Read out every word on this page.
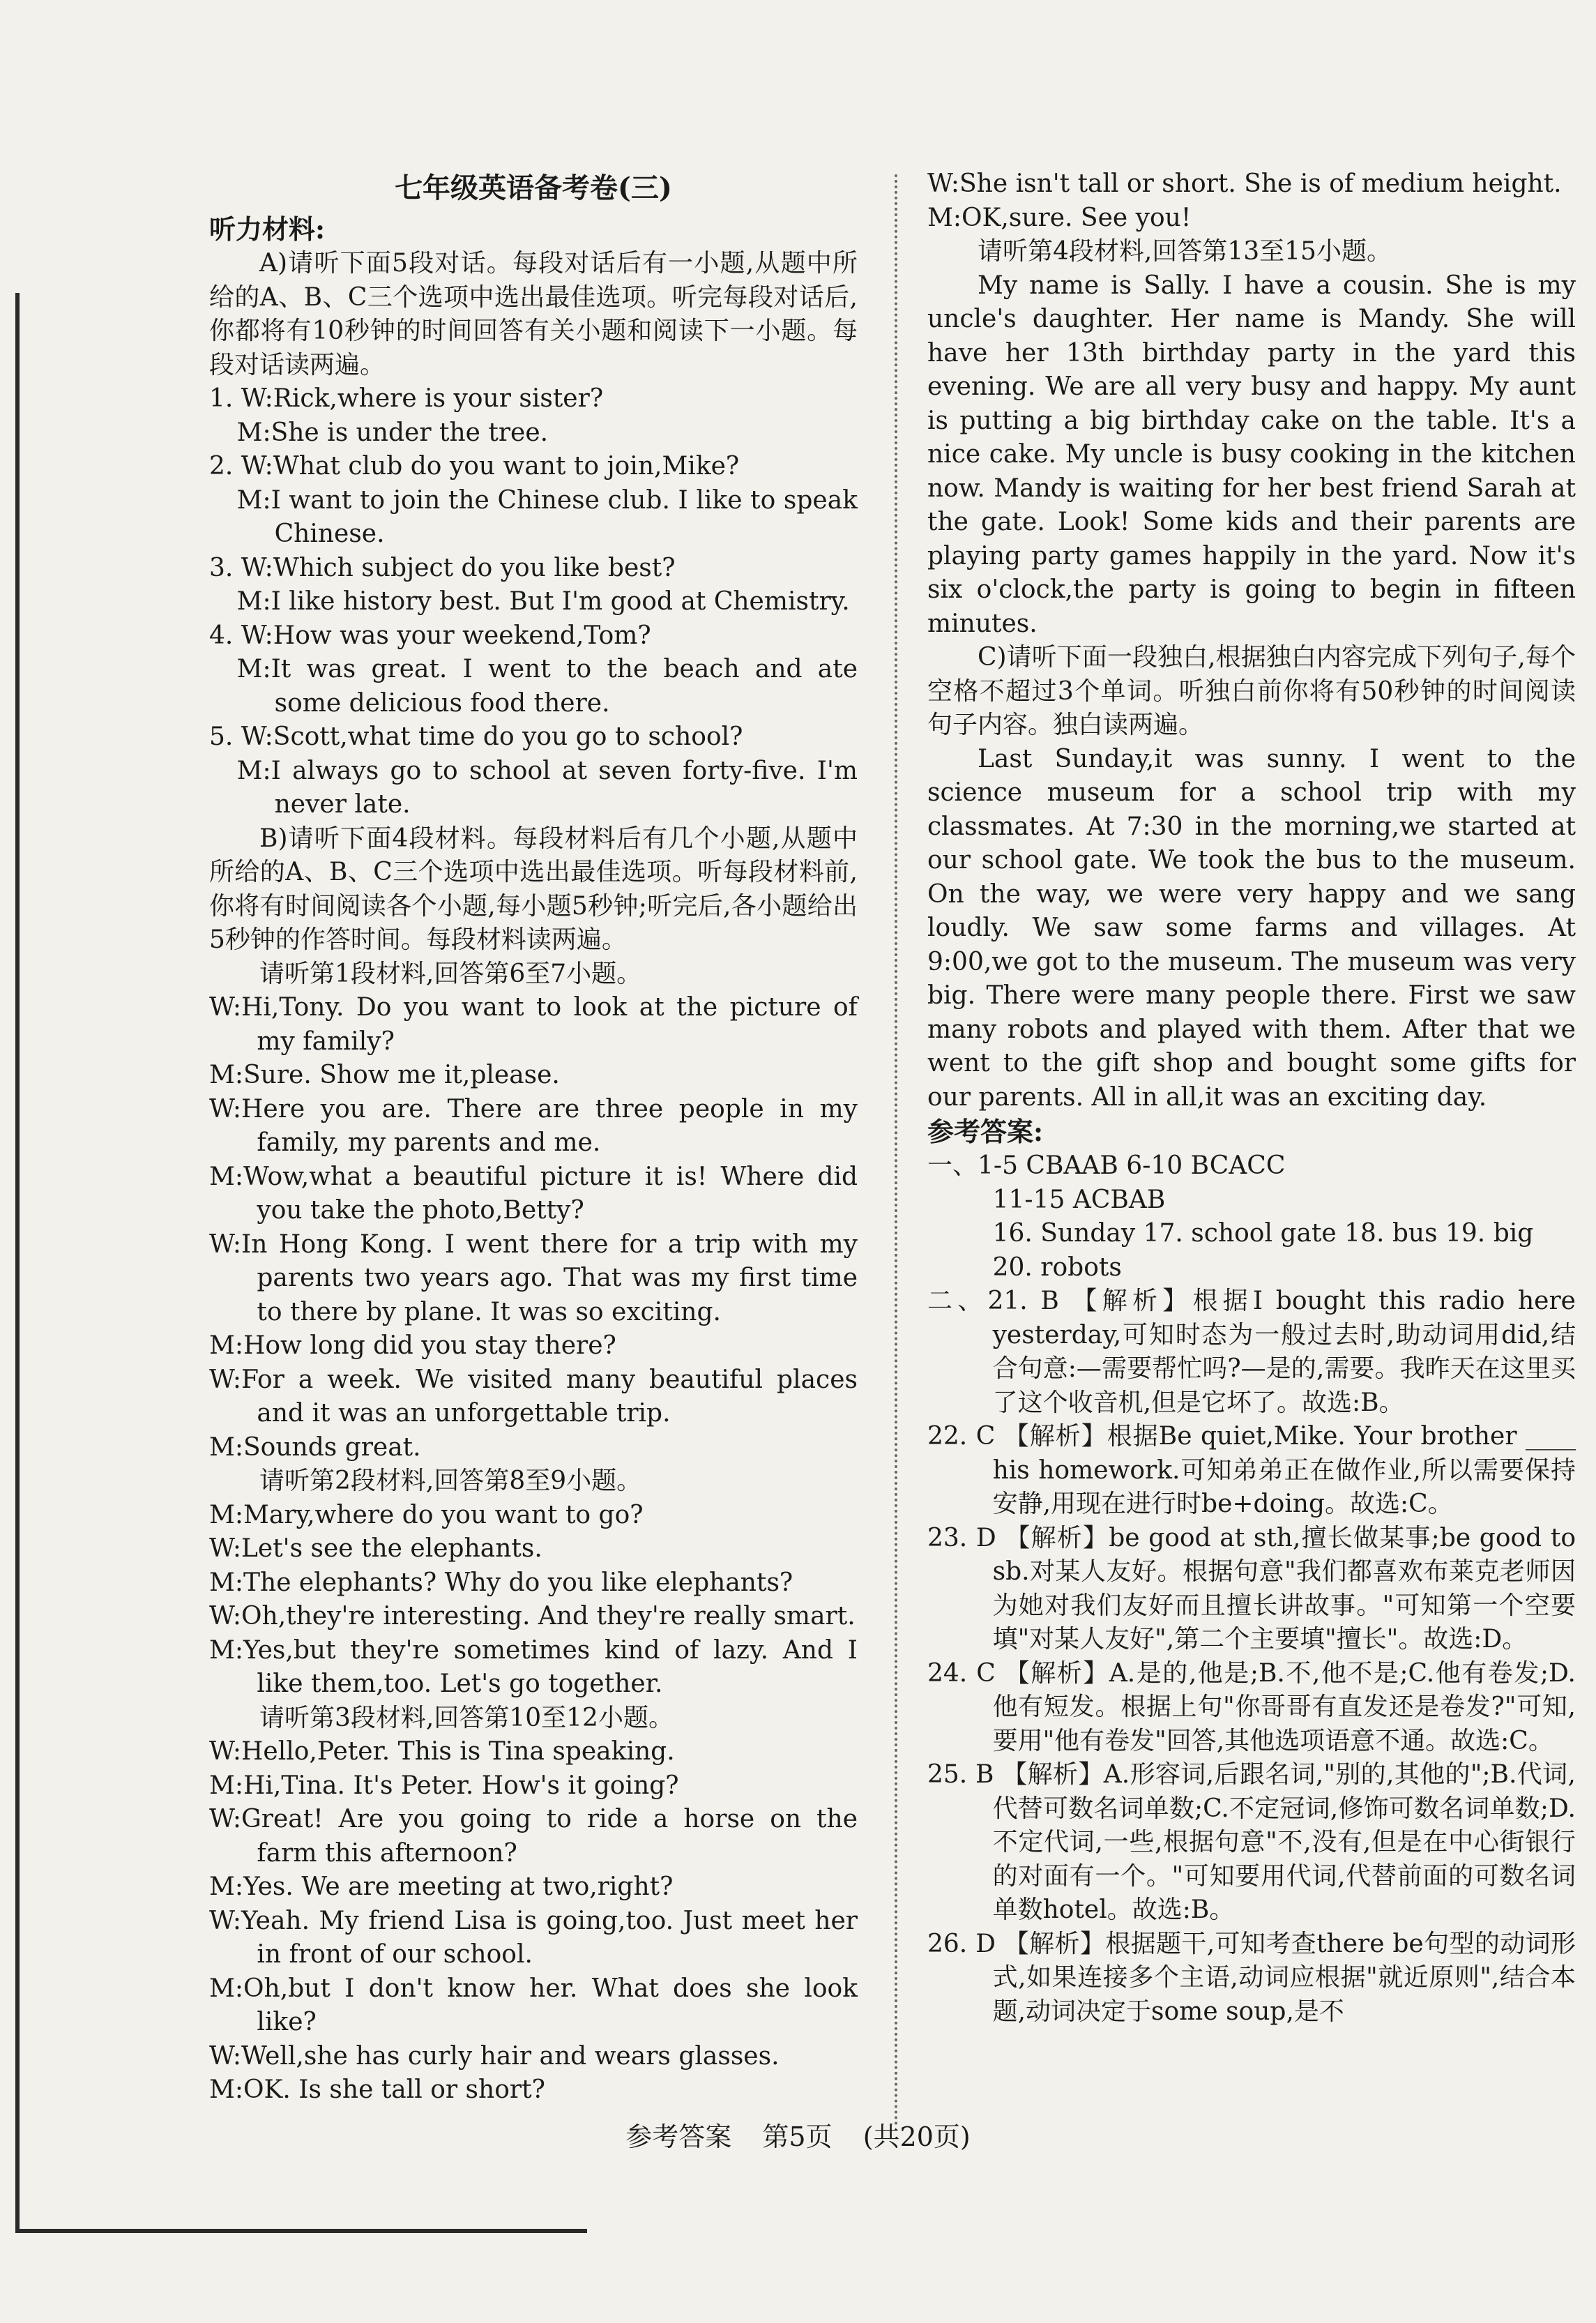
七年级英语备考卷(三)

听力材料:

A)请听下面5段对话。每段对话后有一小题,从题中所给的A、B、C三个选项中选出最佳选项。听完每段对话后,你都将有10秒钟的时间回答有关小题和阅读下一小题。每段对话读两遍。

1. W:Rick,where is your sister?

M:She is under the tree.

2. W:What club do you want to join,Mike?

M:I want to join the Chinese club. I like to speak Chinese.

3. W:Which subject do you like best?

M:I like history best. But I'm good at Chemistry.

4. W:How was your weekend,Tom?

M:It was great. I went to the beach and ate some delicious food there.

5. W:Scott,what time do you go to school?

M:I always go to school at seven forty-five. I'm never late.

B)请听下面4段材料。每段材料后有几个小题,从题中所给的A、B、C三个选项中选出最佳选项。听每段材料前,你将有时间阅读各个小题,每小题5秒钟;听完后,各小题给出5秒钟的作答时间。每段材料读两遍。

请听第1段材料,回答第6至7小题。

W:Hi,Tony. Do you want to look at the picture of my family?

M:Sure. Show me it,please.

W:Here you are. There are three people in my family, my parents and me.

M:Wow,what a beautiful picture it is! Where did you take the photo,Betty?

W:In Hong Kong. I went there for a trip with my parents two years ago. That was my first time to there by plane. It was so exciting.

M:How long did you stay there?

W:For a week. We visited many beautiful places and it was an unforgettable trip.

M:Sounds great.

请听第2段材料,回答第8至9小题。

M:Mary,where do you want to go?

W:Let's see the elephants.

M:The elephants? Why do you like elephants?

W:Oh,they're interesting. And they're really smart.

M:Yes,but they're sometimes kind of lazy. And I like them,too. Let's go together.

请听第3段材料,回答第10至12小题。

W:Hello,Peter. This is Tina speaking.

M:Hi,Tina. It's Peter. How's it going?

W:Great! Are you going to ride a horse on the farm this afternoon?

M:Yes. We are meeting at two,right?

W:Yeah. My friend Lisa is going,too. Just meet her in front of our school.

M:Oh,but I don't know her. What does she look like?

W:Well,she has curly hair and wears glasses.

M:OK. Is she tall or short?

W:She isn't tall or short. She is of medium height.

M:OK,sure. See you!

请听第4段材料,回答第13至15小题。

My name is Sally. I have a cousin. She is my uncle's daughter. Her name is Mandy. She will have her 13th birthday party in the yard this evening. We are all very busy and happy. My aunt is putting a big birthday cake on the table. It's a nice cake. My uncle is busy cooking in the kitchen now. Mandy is waiting for her best friend Sarah at the gate. Look! Some kids and their parents are playing party games happily in the yard. Now it's six o'clock,the party is going to begin in fifteen minutes.

C)请听下面一段独白,根据独白内容完成下列句子,每个空格不超过3个单词。听独白前你将有50秒钟的时间阅读句子内容。独白读两遍。

Last Sunday,it was sunny. I went to the science museum for a school trip with my classmates. At 7:30 in the morning,we started at our school gate. We took the bus to the museum. On the way, we were very happy and we sang loudly. We saw some farms and villages. At 9:00,we got to the museum. The museum was very big. There were many people there. First we saw many robots and played with them. After that we went to the gift shop and bought some gifts for our parents. All in all,it was an exciting day.

参考答案:

一、1-5 CBAAB 6-10 BCACC

11-15 ACBAB

16. Sunday 17. school gate 18. bus 19. big

20. robots

二、21. B 【解析】根据I bought this radio here yesterday,可知时态为一般过去时,助动词用did,结合句意:—需要帮忙吗?—是的,需要。我昨天在这里买了这个收音机,但是它坏了。故选:B。

22. C 【解析】根据Be quiet,Mike. Your brother ____ his homework.可知弟弟正在做作业,所以需要保持安静,用现在进行时be+doing。故选:C。

23. D 【解析】be good at sth,擅长做某事;be good to sb.对某人友好。根据句意"我们都喜欢布莱克老师因为她对我们友好而且擅长讲故事。"可知第一个空要填"对某人友好",第二个主要填"擅长"。故选:D。

24. C 【解析】A.是的,他是;B.不,他不是;C.他有卷发;D.他有短发。根据上句"你哥哥有直发还是卷发?"可知,要用"他有卷发"回答,其他选项语意不通。故选:C。

25. B 【解析】A.形容词,后跟名词,"别的,其他的";B.代词,代替可数名词单数;C.不定冠词,修饰可数名词单数;D.不定代词,一些,根据句意"不,没有,但是在中心街银行的对面有一个。"可知要用代词,代替前面的可数名词单数hotel。故选:B。

26. D 【解析】根据题干,可知考查there be句型的动词形式,如果连接多个主语,动词应根据"就近原则",结合本题,动词决定于some soup,是不

参考答案 第5页 (共20页)
